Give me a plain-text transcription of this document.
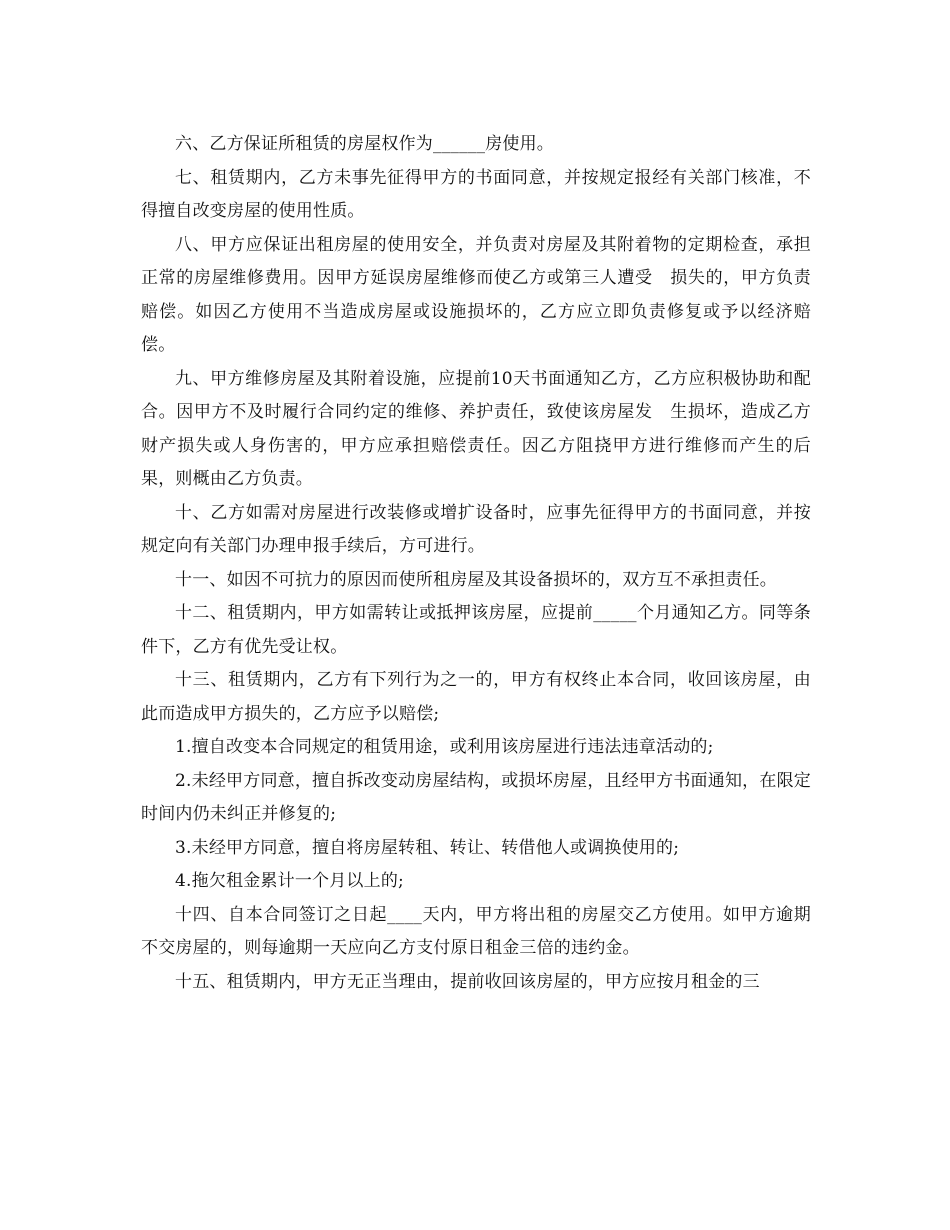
六、乙方保证所租赁的房屋权作为______房使用。

七、租赁期内，乙方未事先征得甲方的书面同意，并按规定报经有关部门核准，不得擅自改变房屋的使用性质。

八、甲方应保证出租房屋的使用安全，并负责对房屋及其附着物的定期检查，承担正常的房屋维修费用。因甲方延误房屋维修而使乙方或第三人遭受　损失的，甲方负责赔偿。如因乙方使用不当造成房屋或设施损坏的，乙方应立即负责修复或予以经济赔偿。

九、甲方维修房屋及其附着设施，应提前10天书面通知乙方，乙方应积极协助和配合。因甲方不及时履行合同约定的维修、养护责任，致使该房屋发　生损坏，造成乙方财产损失或人身伤害的，甲方应承担赔偿责任。因乙方阻挠甲方进行维修而产生的后果，则概由乙方负责。

十、乙方如需对房屋进行改装修或增扩设备时，应事先征得甲方的书面同意，并按规定向有关部门办理申报手续后，方可进行。

十一、如因不可抗力的原因而使所租房屋及其设备损坏的，双方互不承担责任。

十二、租赁期内，甲方如需转让或抵押该房屋，应提前_____个月通知乙方。同等条件下，乙方有优先受让权。

十三、租赁期内，乙方有下列行为之一的，甲方有权终止本合同，收回该房屋，由此而造成甲方损失的，乙方应予以赔偿;

1.擅自改变本合同规定的租赁用途，或利用该房屋进行违法违章活动的;

2.未经甲方同意，擅自拆改变动房屋结构，或损坏房屋，且经甲方书面通知，在限定时间内仍未纠正并修复的;

3.未经甲方同意，擅自将房屋转租、转让、转借他人或调换使用的;

4.拖欠租金累计一个月以上的;

十四、自本合同签订之日起____天内，甲方将出租的房屋交乙方使用。如甲方逾期不交房屋的，则每逾期一天应向乙方支付原日租金三倍的违约金。

十五、租赁期内，甲方无正当理由，提前收回该房屋的，甲方应按月租金的三
